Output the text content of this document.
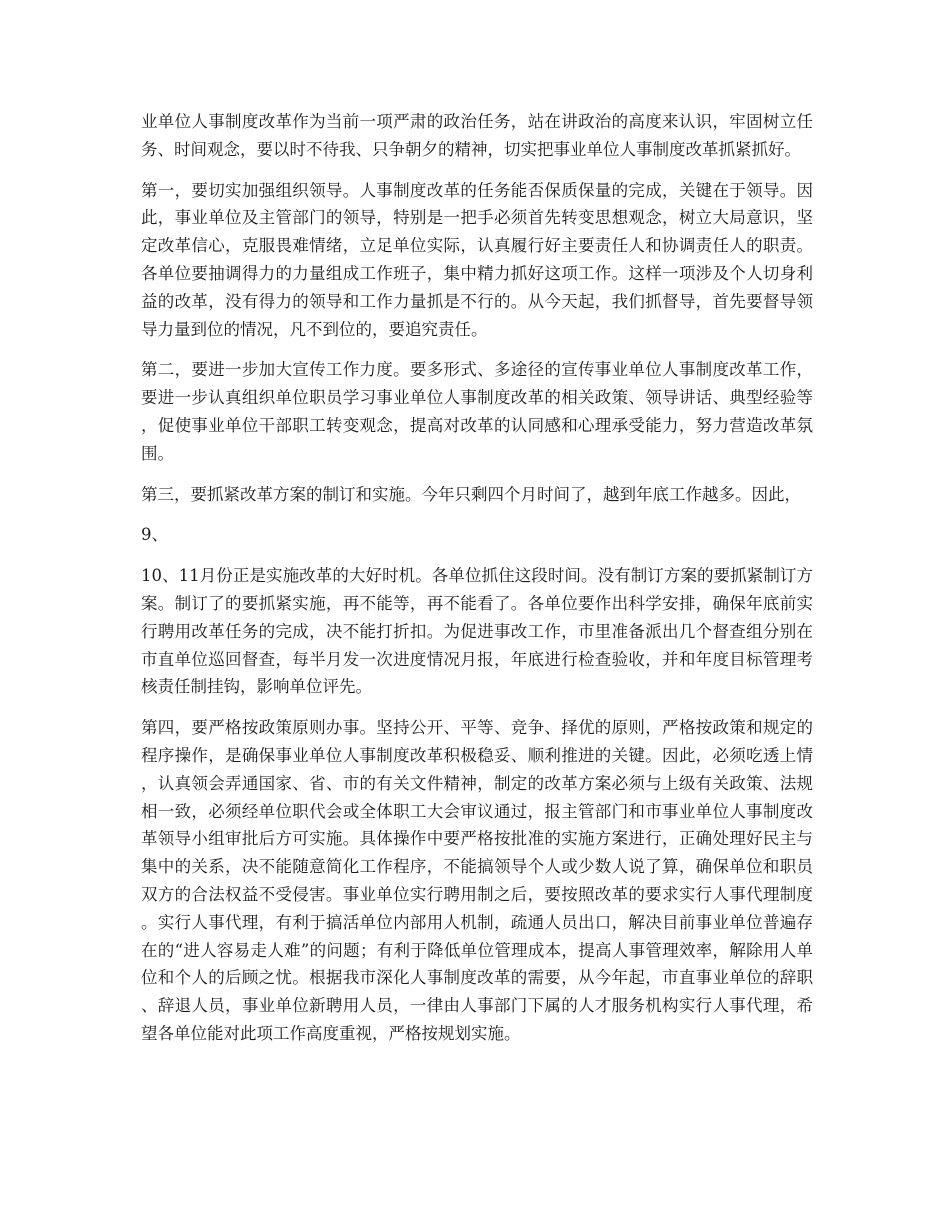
业单位人事制度改革作为当前一项严肃的政治任务，站在讲政治的高度来认识，牢固树立任务、时间观念，要以时不待我、只争朝夕的精神，切实把事业单位人事制度改革抓紧抓好。

第一，要切实加强组织领导。人事制度改革的任务能否保质保量的完成，关键在于领导。因此，事业单位及主管部门的领导，特别是一把手必须首先转变思想观念，树立大局意识，坚定改革信心，克服畏难情绪，立足单位实际，认真履行好主要责任人和协调责任人的职责。各单位要抽调得力的力量组成工作班子，集中精力抓好这项工作。这样一项涉及个人切身利益的改革，没有得力的领导和工作力量抓是不行的。从今天起，我们抓督导，首先要督导领导力量到位的情况，凡不到位的，要追究责任。

第二，要进一步加大宣传工作力度。要多形式、多途径的宣传事业单位人事制度改革工作，要进一步认真组织单位职员学习事业单位人事制度改革的相关政策、领导讲话、典型经验等，促使事业单位干部职工转变观念，提高对改革的认同感和心理承受能力，努力营造改革氛围。

第三，要抓紧改革方案的制订和实施。今年只剩四个月时间了，越到年底工作越多。因此，

9、

10、11月份正是实施改革的大好时机。各单位抓住这段时间。没有制订方案的要抓紧制订方案。制订了的要抓紧实施，再不能等，再不能看了。各单位要作出科学安排，确保年底前实行聘用改革任务的完成，决不能打折扣。为促进事改工作，市里准备派出几个督查组分别在市直单位巡回督查，每半月发一次进度情况月报，年底进行检查验收，并和年度目标管理考核责任制挂钩，影响单位评先。

第四，要严格按政策原则办事。坚持公开、平等、竞争、择优的原则，严格按政策和规定的程序操作，是确保事业单位人事制度改革积极稳妥、顺利推进的关键。因此，必须吃透上情，认真领会弄通国家、省、市的有关文件精神，制定的改革方案必须与上级有关政策、法规相一致，必须经单位职代会或全体职工大会审议通过，报主管部门和市事业单位人事制度改革领导小组审批后方可实施。具体操作中要严格按批准的实施方案进行，正确处理好民主与集中的关系，决不能随意简化工作程序，不能搞领导个人或少数人说了算，确保单位和职员双方的合法权益不受侵害。事业单位实行聘用制之后，要按照改革的要求实行人事代理制度。实行人事代理，有利于搞活单位内部用人机制，疏通人员出口，解决目前事业单位普遍存在的“进人容易走人难”的问题；有利于降低单位管理成本，提高人事管理效率，解除用人单位和个人的后顾之忧。根据我市深化人事制度改革的需要，从今年起，市直事业单位的辞职、辞退人员，事业单位新聘用人员，一律由人事部门下属的人才服务机构实行人事代理，希望各单位能对此项工作高度重视，严格按规划实施。
